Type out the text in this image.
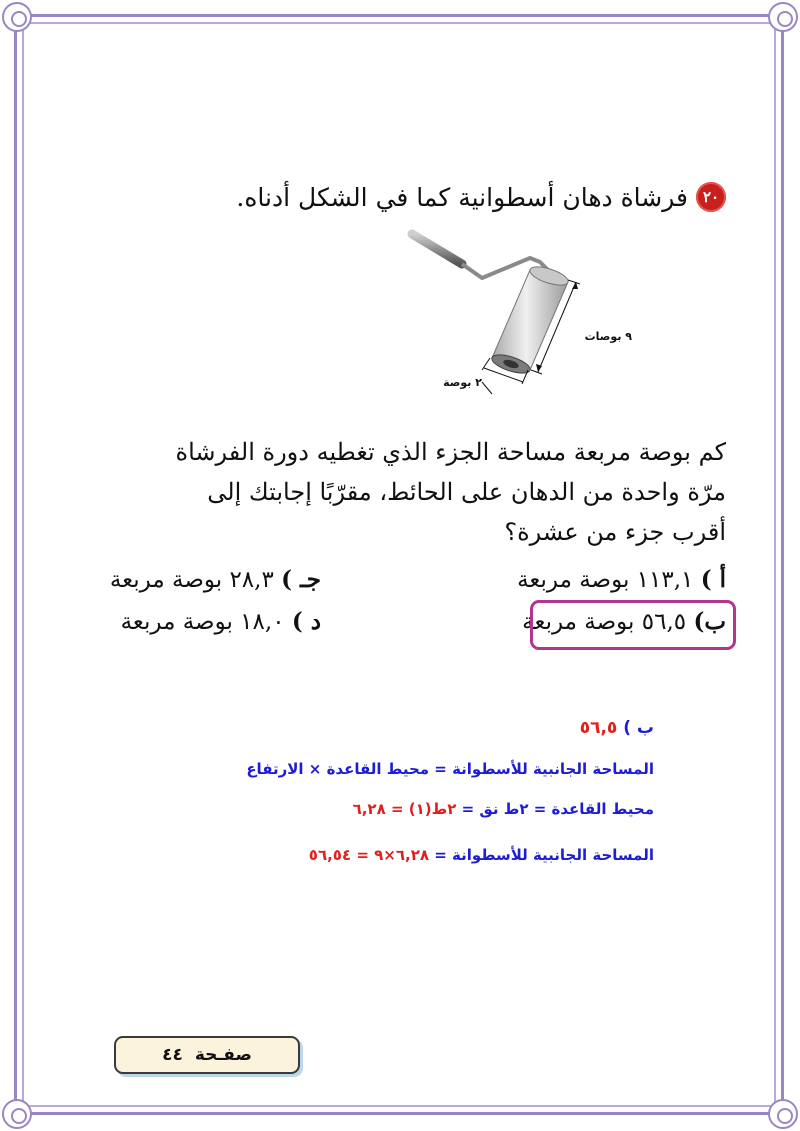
٢٠
فرشاة دهان أسطوانية كما في الشكل أدناه.
٩ بوصات
٢ بوصة
كم بوصة مربعة مساحة الجزء الذي تغطيه دورة الفرشاة
مرّة واحدة من الدهان على الحائط، مقرّبًا إجابتك إلى
أقرب جزء من عشرة؟
أ ) ١١٣,١ بوصة مربعة
جـ ) ٢٨,٣ بوصة مربعة
ب) ٥٦,٥ بوصة مربعة
د ) ١٨,٠ بوصة مربعة
ب ) ٥٦,٥
المساحة الجانبية للأسطوانة = محيط القاعدة × الارتفاع
محيط القاعدة = ٢ط نق = ٢ط(١) = ٦,٢٨
المساحة الجانبية للأسطوانة = ٦,٢٨×٩ = ٥٦,٥٤
صفـحة
٤٤
